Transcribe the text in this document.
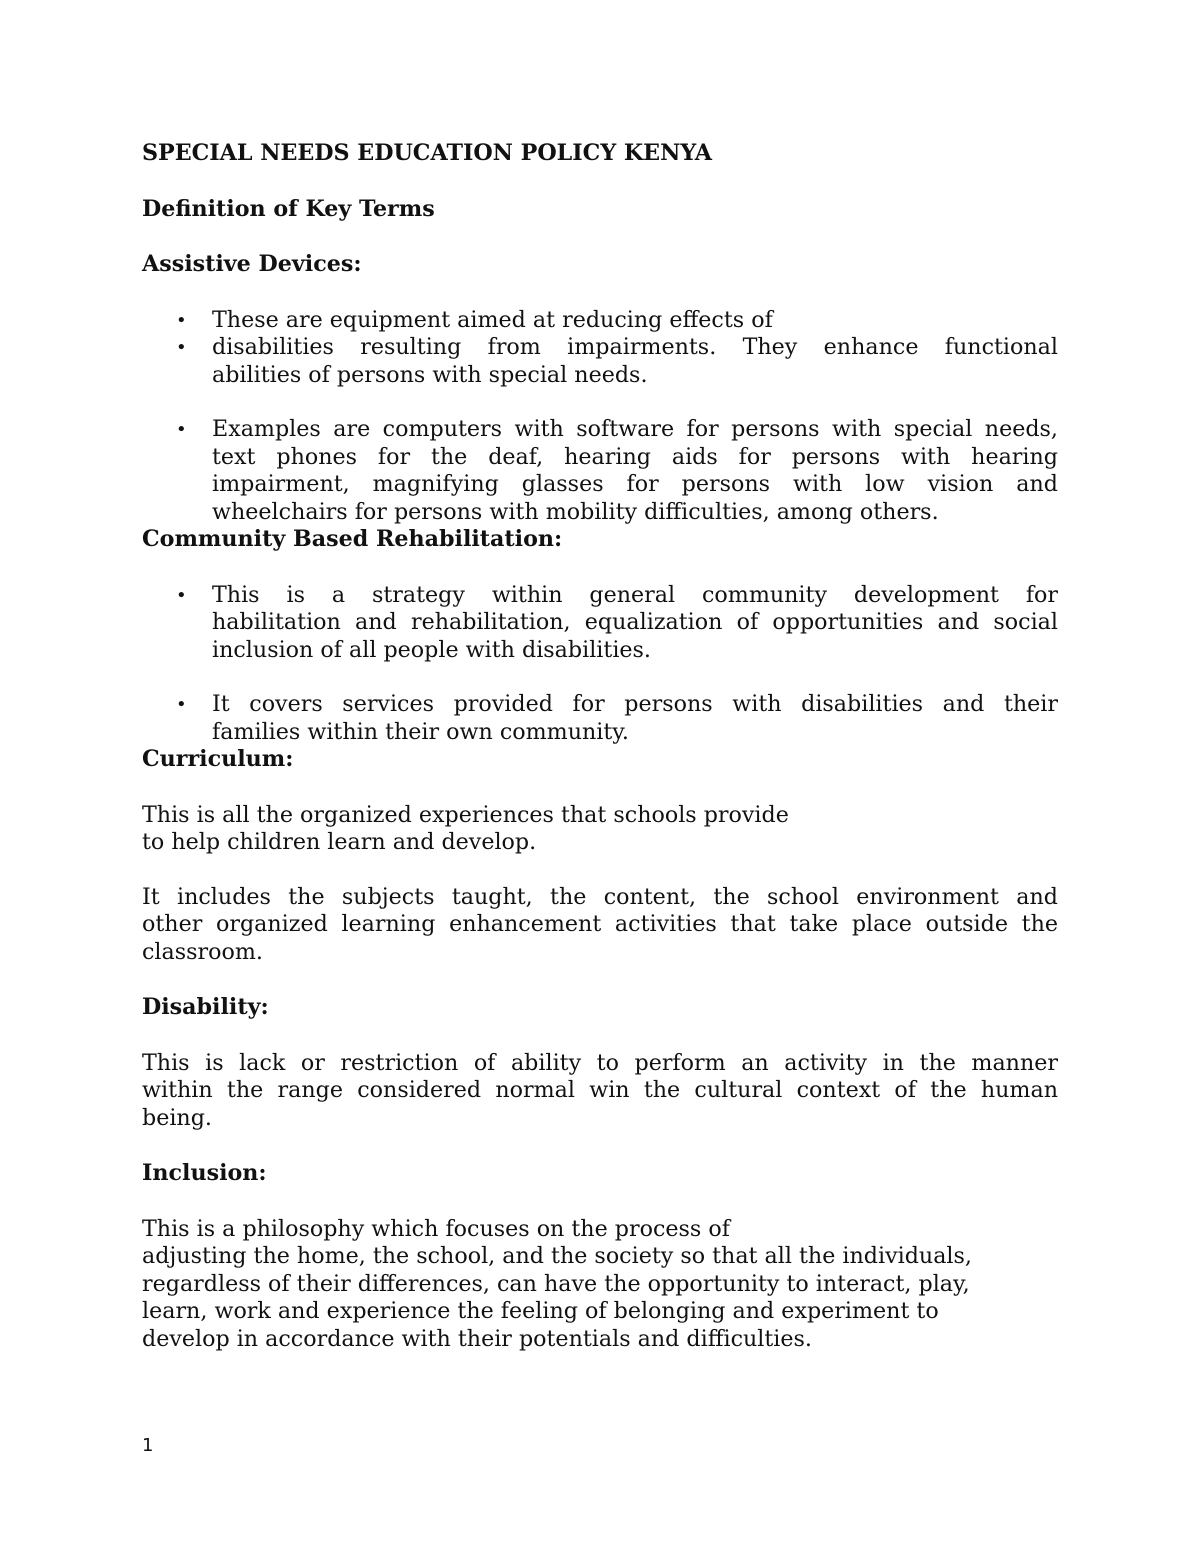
SPECIAL NEEDS EDUCATION POLICY KENYA
Definition of Key Terms
Assistive Devices:
• These are equipment aimed at reducing effects of
• disabilities resulting from impairments. They enhance functional
abilities of persons with special needs.
• Examples are computers with software for persons with special needs,
text phones for the deaf, hearing aids for persons with hearing
impairment, magnifying glasses for persons with low vision and
wheelchairs for persons with mobility difficulties, among others.
Community Based Rehabilitation:
• This is a strategy within general community development for
habilitation and rehabilitation, equalization of opportunities and social
inclusion of all people with disabilities.
• It covers services provided for persons with disabilities and their
families within their own community.
Curriculum:
This is all the organized experiences that schools provide
to help children learn and develop.
It includes the subjects taught, the content, the school environment and
other organized learning enhancement activities that take place outside the
classroom.
Disability:
This is lack or restriction of ability to perform an activity in the manner
within the range considered normal win the cultural context of the human
being.
Inclusion:
This is a philosophy which focuses on the process of
adjusting the home, the school, and the society so that all the individuals,
regardless of their differences, can have the opportunity to interact, play,
learn, work and experience the feeling of belonging and experiment to
develop in accordance with their potentials and difficulties.
1
